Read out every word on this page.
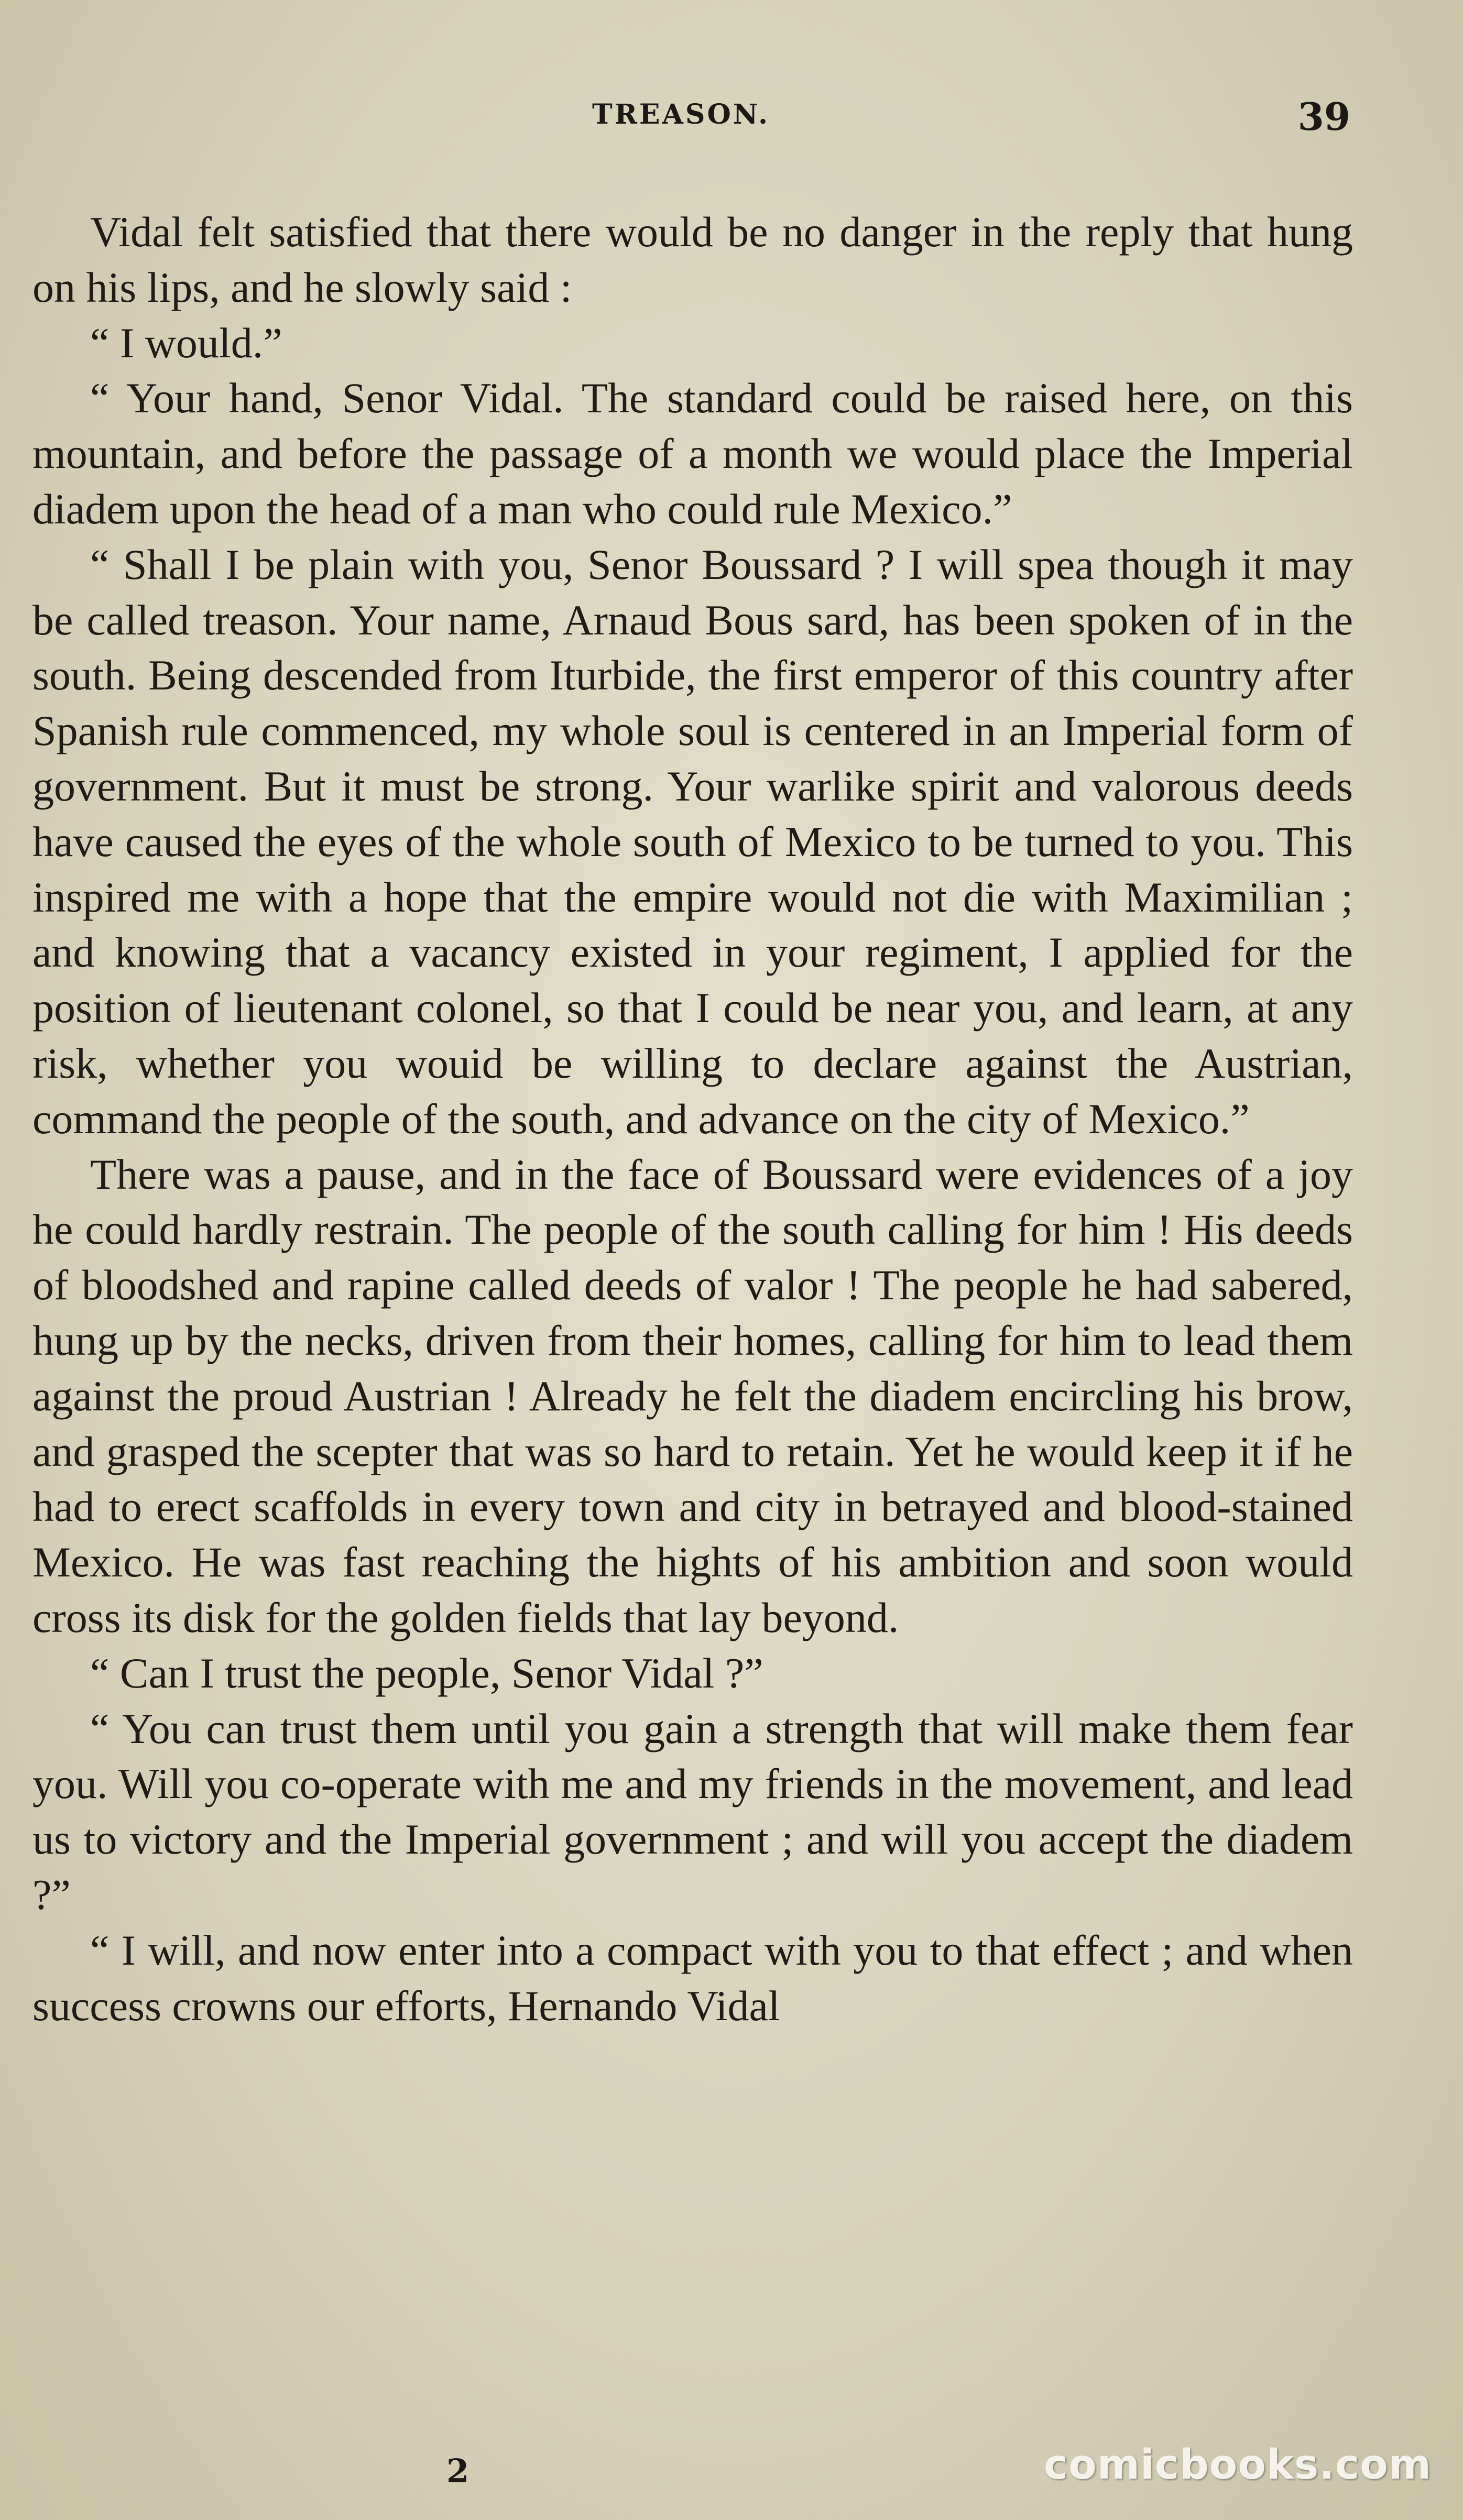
TREASON.	39

Vidal felt satisfied that there would be no danger in the reply that hung on his lips, and he slowly said :

“ I would.”

“ Your hand, Senor Vidal. The standard could be raised here, on this mountain, and before the passage of a month we would place the Imperial diadem upon the head of a man who could rule Mexico.”

“ Shall I be plain with you, Senor Boussard ? I will spea though it may be called treason. Your name, Arnaud Bous sard, has been spoken of in the south. Being descended from Iturbide, the first emperor of this country after Spanish rule commenced, my whole soul is centered in an Imperial form of government. But it must be strong. Your warlike spirit and valorous deeds have caused the eyes of the whole south of Mexico to be turned to you. This inspired me with a hope that the empire would not die with Maximilian ; and knowing that a vacancy existed in your regiment, I applied for the position of lieutenant colonel, so that I could be near you, and learn, at any risk, whether you wouid be willing to declare against the Austrian, command the people of the south, and advance on the city of Mexico.”

There was a pause, and in the face of Boussard were evidences of a joy he could hardly restrain. The people of the south calling for him ! His deeds of bloodshed and rapine called deeds of valor ! The people he had sabered, hung up by the necks, driven from their homes, calling for him to lead them against the proud Austrian ! Already he felt the diadem encircling his brow, and grasped the scepter that was so hard to retain. Yet he would keep it if he had to erect scaffolds in every town and city in betrayed and blood-stained Mexico. He was fast reaching the hights of his ambition and soon would cross its disk for the golden fields that lay beyond.

“ Can I trust the people, Senor Vidal ?”

“ You can trust them until you gain a strength that will make them fear you. Will you co-operate with me and my friends in the movement, and lead us to victory and the Imperial government ; and will you accept the diadem ?”

“ I will, and now enter into a compact with you to that effect ; and when success crowns our efforts, Hernando Vidal

2	comicbooks.com
